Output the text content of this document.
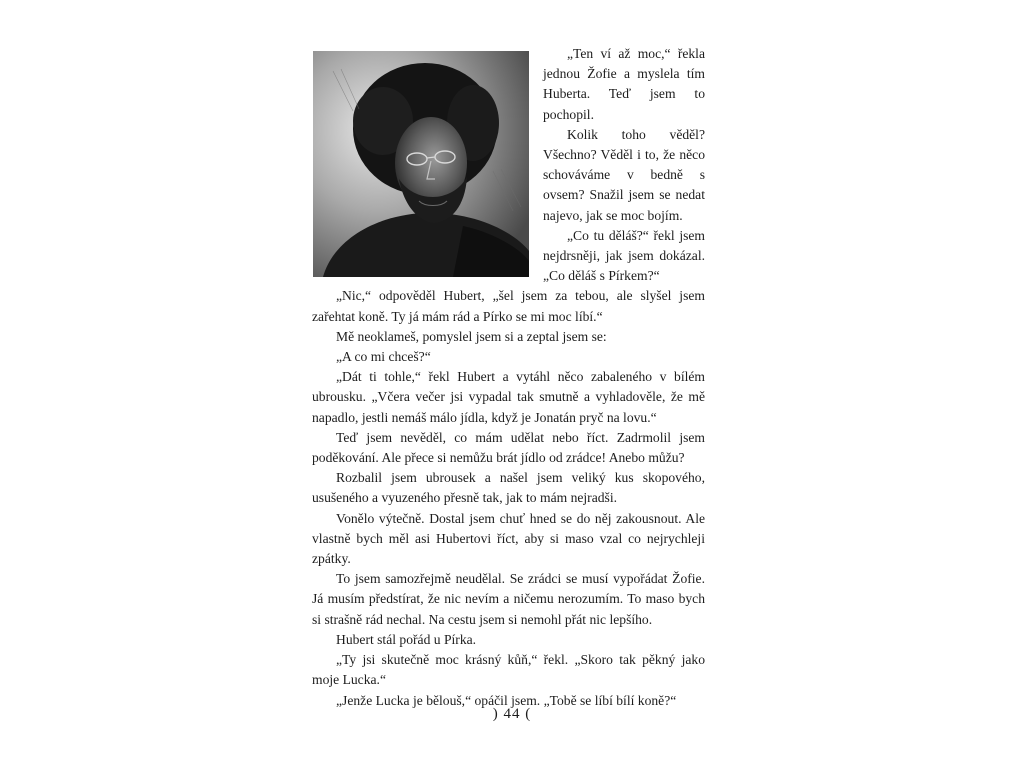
„Ten ví až moc,“ řekla jednou Žofie a myslela tím Huberta. Teď jsem to pochopil.

Kolik toho věděl? Všechno? Věděl i to, že něco schováváme v bedně s ovsem? Snažil jsem se nedat najevo, jak se moc bojím.

„Co tu děláš?“ řekl jsem nejdrsněji, jak jsem dokázal. „Co děláš s Pírkem?“

„Nic,“ odpověděl Hubert, „šel jsem za tebou, ale slyšel jsem zařehtat koně. Ty já mám rád a Pírko se mi moc líbí.“

Mě neoklameš, pomyslel jsem si a zeptal jsem se:

„A co mi chceš?“

„Dát ti tohle,“ řekl Hubert a vytáhl něco zabaleného v bílém ubrousku. „Včera večer jsi vypadal tak smutně a vyhladověle, že mě napadlo, jestli nemáš málo jídla, když je Jonatán pryč na lovu.“

Teď jsem nevěděl, co mám udělat nebo říct. Zadrmolil jsem poděkování. Ale přece si nemůžu brát jídlo od zrádce! Anebo můžu?

Rozbalil jsem ubrousek a našel jsem veliký kus skopového, usušeného a vyuzeného přesně tak, jak to mám nejradši.

Vonělo výtečně. Dostal jsem chuť hned se do něj zakousnout. Ale vlastně bych měl asi Hubertovi říct, aby si maso vzal co nejrychleji zpátky.

To jsem samozřejmě neudělal. Se zrádci se musí vypořádat Žofie. Já musím předstírat, že nic nevím a ničemu nerozumím. To maso bych si strašně rád nechal. Na cestu jsem si nemohl přát nic lepšího.

Hubert stál pořád u Pírka.

„Ty jsi skutečně moc krásný kůň,“ řekl. „Skoro tak pěkný jako moje Lucka.“

„Jenže Lucka je bělouš,“ opáčil jsem. „Tobě se líbí bílí koně?“

) 44 (
